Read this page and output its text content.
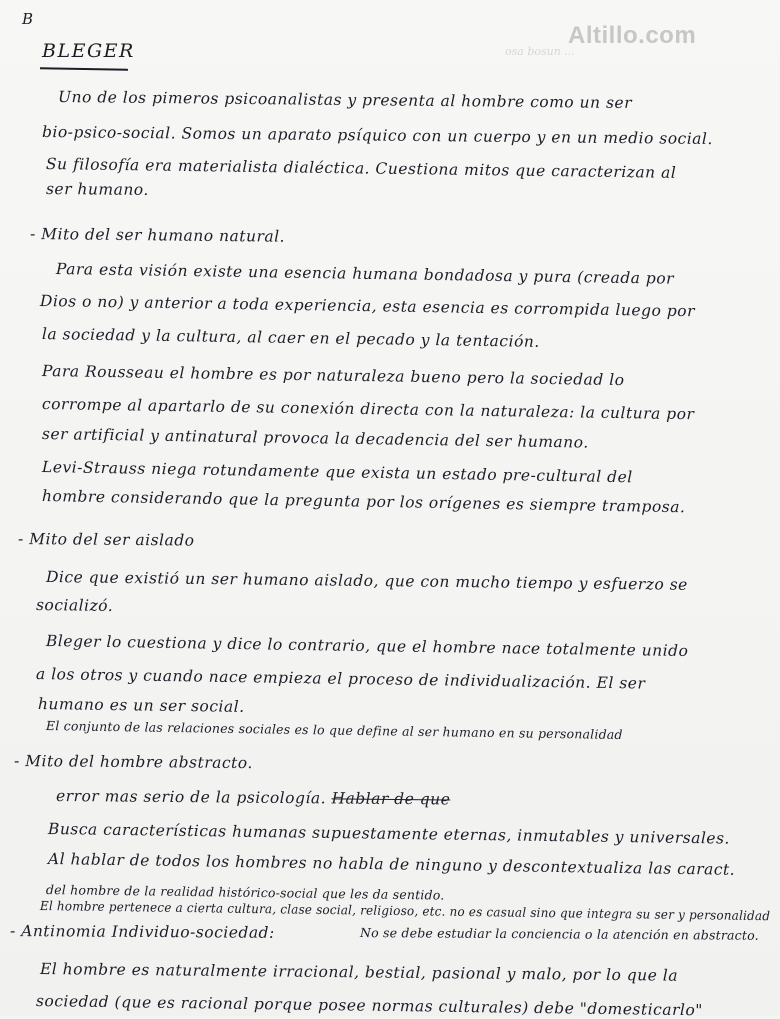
B
Altillo.com
osa bosun ...
BLEGER
Uno de los pimeros psicoanalistas y presenta al hombre como un ser
bio-psico-social. Somos un aparato psíquico con un cuerpo y en un medio social.
Su filosofía era materialista dialéctica. Cuestiona mitos que caracterizan al
ser humano.
- Mito del ser humano natural.
Para esta visión existe una esencia humana bondadosa y pura (creada por
Dios o no) y anterior a toda experiencia, esta esencia es corrompida luego por
la sociedad y la cultura, al caer en el pecado y la tentación.
Para Rousseau el hombre es por naturaleza bueno pero la sociedad lo
corrompe al apartarlo de su conexión directa con la naturaleza: la cultura por
ser artificial y antinatural provoca la decadencia del ser humano.
Levi-Strauss niega rotundamente que exista un estado pre-cultural del
hombre considerando que la pregunta por los orígenes es siempre tramposa.
- Mito del ser aislado
Dice que existió un ser humano aislado, que con mucho tiempo y esfuerzo se
socializó.
Bleger lo cuestiona y dice lo contrario, que el hombre nace totalmente unido
a los otros y cuando nace empieza el proceso de individualización. El ser
humano es un ser social.
El conjunto de las relaciones sociales es lo que define al ser humano en su personalidad
- Mito del hombre abstracto.
error mas serio de la psicología. Hablar de que
Busca características humanas supuestamente eternas, inmutables y universales.
Al hablar de todos los hombres no habla de ninguno y descontextualiza las caract.
del hombre de la realidad histórico-social que les da sentido.
El hombre pertenece a cierta cultura, clase social, religioso, etc. no es casual sino que integra su ser y personalidad
- Antinomia Individuo-sociedad:	No se debe estudiar la conciencia o la atención en abstracto.
El hombre es naturalmente irracional, bestial, pasional y malo, por lo que la
sociedad (que es racional porque posee normas culturales) debe "domesticarlo"
